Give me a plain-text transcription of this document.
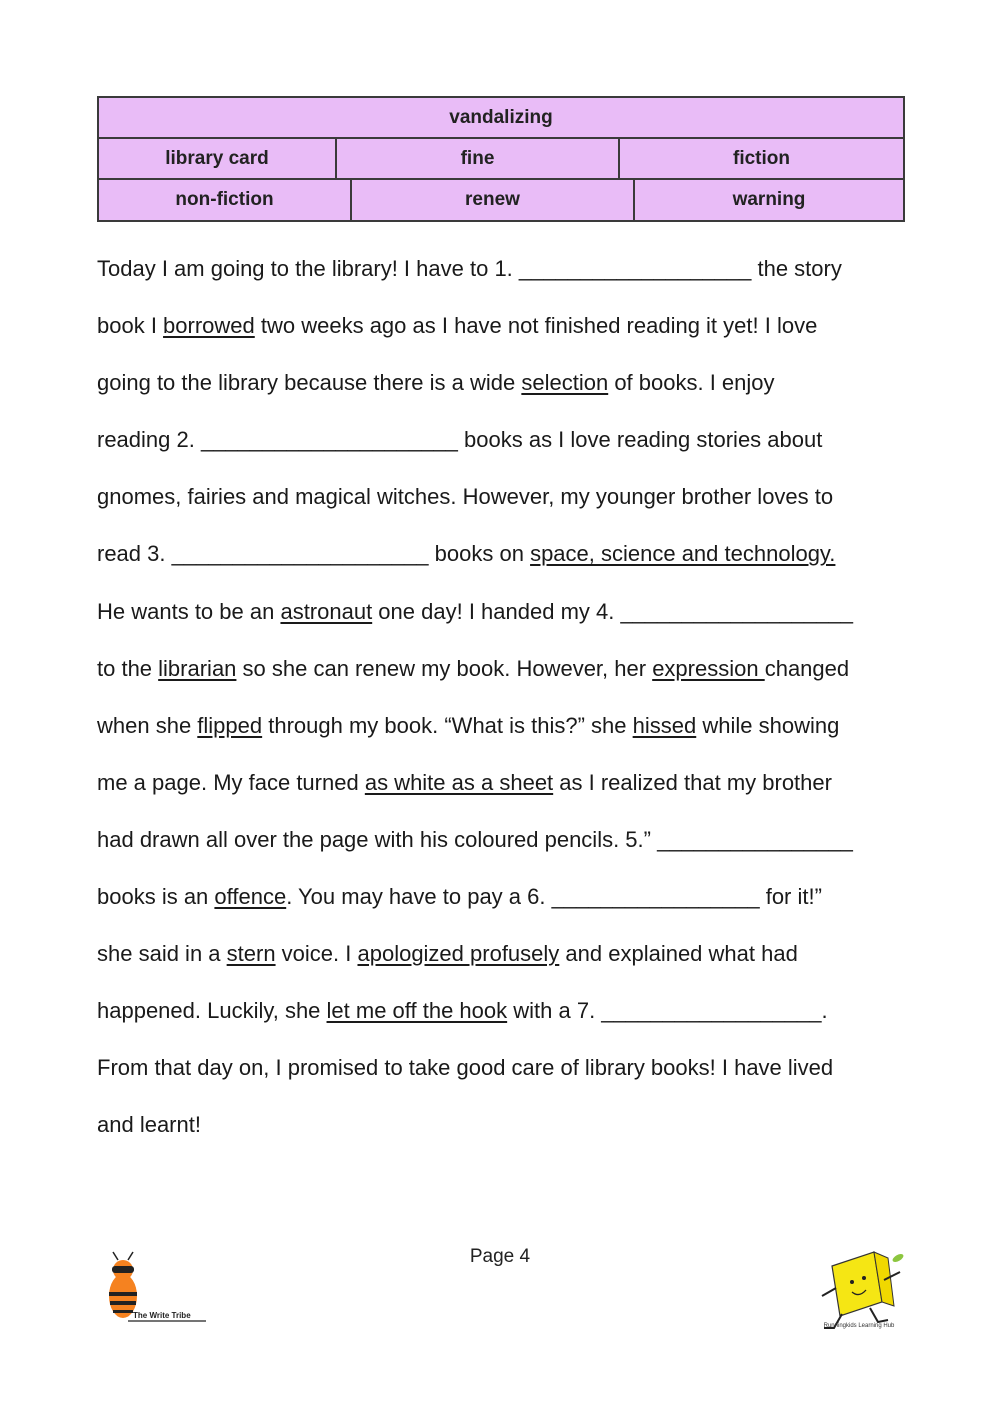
vandalizing
library card	fine	fiction
non-fiction	renew	warning
Today I am going to the library! I have to 1. ___________________ the story
book I borrowed two weeks ago as I have not finished reading it yet! I love
going to the library because there is a wide selection of books. I enjoy
reading 2. _____________________ books as I love reading stories about
gnomes, fairies and magical witches. However, my younger brother loves to
read 3. _____________________ books on space, science and technology.
He wants to be an astronaut one day! I handed my 4. ___________________
to the librarian so she can renew my book. However, her expression changed
when she flipped through my book. “What is this?” she hissed while showing
me a page. My face turned as white as a sheet as I realized that my brother
had drawn all over the page with his coloured pencils. 5.” ________________
books is an offence. You may have to pay a 6. _________________ for it!”
she said in a stern voice. I apologized profusely and explained what had
happened. Luckily, she let me off the hook with a 7. __________________.
From that day on, I promised to take good care of library books! I have lived
and learnt!
The Write Tribe
Page 4
Runningkids Learning Hub
